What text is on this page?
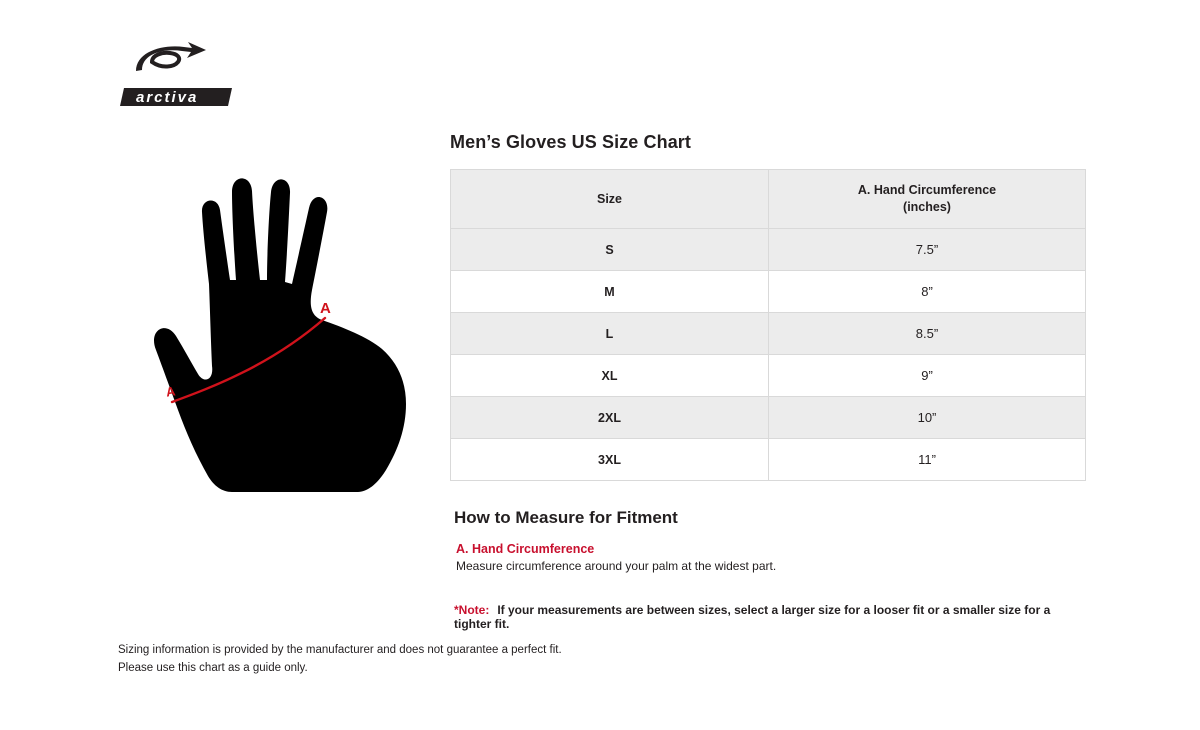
arctiva
A
A
Men’s Gloves US Size Chart
Size	A. Hand Circumference
(inches)
S	7.5”
M	8”
L	8.5”
XL	9”
2XL	10”
3XL	11”
How to Measure for Fitment
A. Hand Circumference
Measure circumference around your palm at the widest part.
*Note: If your measurements are between sizes, select a larger size for a looser fit or a smaller size for a tighter fit.
Sizing information is provided by the manufacturer and does not guarantee a perfect fit.
Please use this chart as a guide only.
